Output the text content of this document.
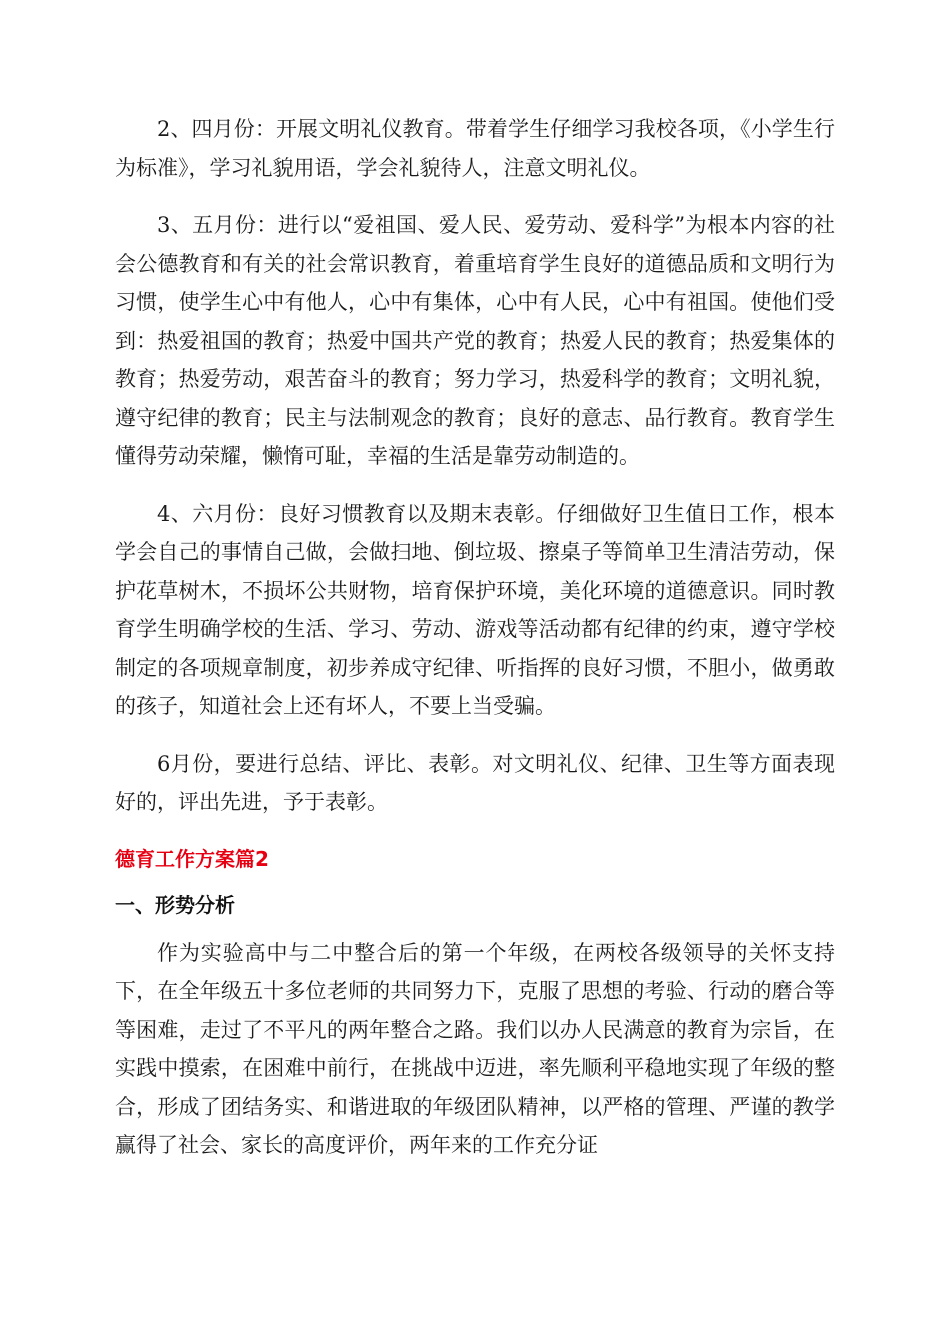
2、四月份：开展文明礼仪教育。带着学生仔细学习我校各项，《小学生行为标准》，学习礼貌用语，学会礼貌待人，注意文明礼仪。

3、五月份：进行以“爱祖国、爱人民、爱劳动、爱科学”为根本内容的社会公德教育和有关的社会常识教育，着重培育学生良好的道德品质和文明行为习惯，使学生心中有他人，心中有集体，心中有人民，心中有祖国。使他们受到：热爱祖国的教育；热爱中国共产党的教育；热爱人民的教育；热爱集体的教育；热爱劳动，艰苦奋斗的教育；努力学习，热爱科学的教育；文明礼貌，遵守纪律的教育；民主与法制观念的教育；良好的意志、品行教育。教育学生懂得劳动荣耀，懒惰可耻，幸福的生活是靠劳动制造的。

4、六月份：良好习惯教育以及期末表彰。仔细做好卫生值日工作，根本学会自己的事情自己做，会做扫地、倒垃圾、擦桌子等简单卫生清洁劳动，保护花草树木，不损坏公共财物，培育保护环境，美化环境的道德意识。同时教育学生明确学校的生活、学习、劳动、游戏等活动都有纪律的约束，遵守学校制定的各项规章制度，初步养成守纪律、听指挥的良好习惯，不胆小，做勇敢的孩子，知道社会上还有坏人，不要上当受骗。

6月份，要进行总结、评比、表彰。对文明礼仪、纪律、卫生等方面表现好的，评出先进，予于表彰。

德育工作方案篇2
一、形势分析

作为实验高中与二中整合后的第一个年级，在两校各级领导的关怀支持下，在全年级五十多位老师的共同努力下，克服了思想的考验、行动的磨合等等困难，走过了不平凡的两年整合之路。我们以办人民满意的教育为宗旨，在实践中摸索，在困难中前行，在挑战中迈进，率先顺利平稳地实现了年级的整合，形成了团结务实、和谐进取的年级团队精神，以严格的管理、严谨的教学赢得了社会、家长的高度评价，两年来的工作充分证
